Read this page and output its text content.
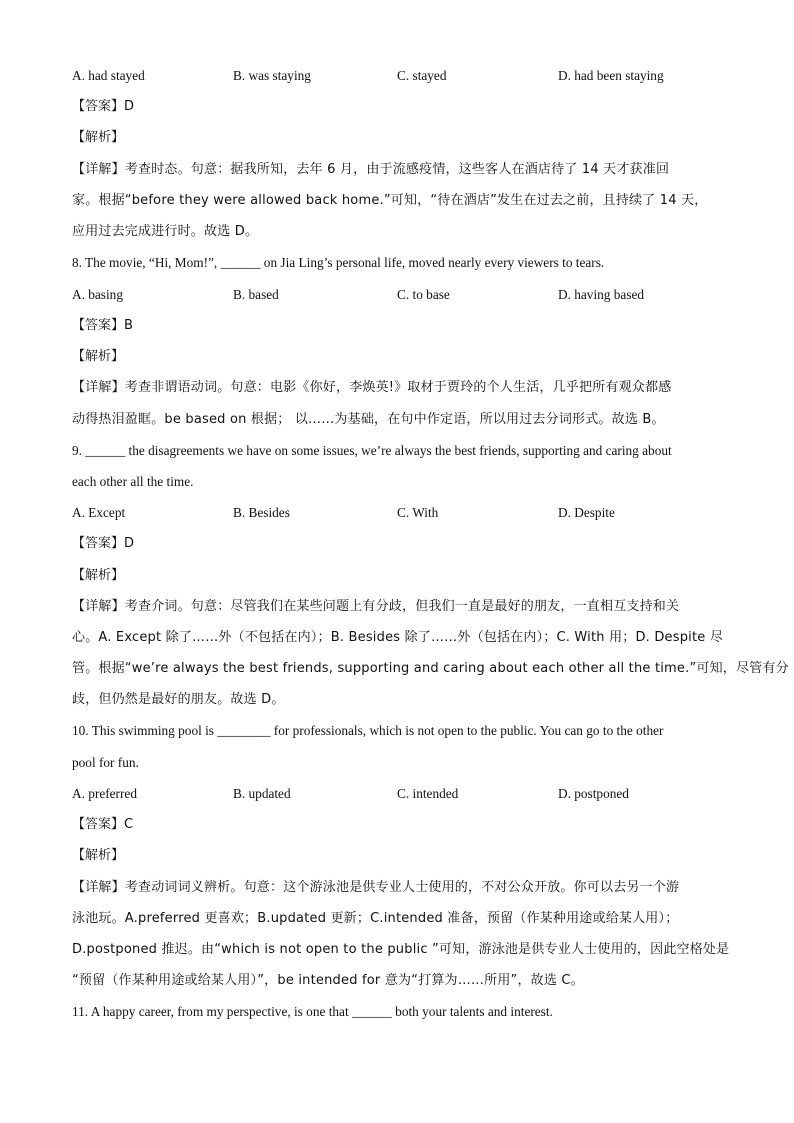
A. had stayed	B. was staying	C. stayed	D. had been staying
【答案】D
【解析】
【详解】考查时态。句意：据我所知，去年 6 月，由于流感疫情，这些客人在酒店待了 14 天才获准回
家。根据“before they were allowed back home.”可知，“待在酒店”发生在过去之前，且持续了 14 天，
应用过去完成进行时。故选 D。
8. The movie, “Hi, Mom!”, ______ on Jia Ling’s personal life, moved nearly every viewers to tears.
A. basing	B. based	C. to base	D. having based
【答案】B
【解析】
【详解】考查非谓语动词。句意：电影《你好，李焕英!》取材于贾玲的个人生活，几乎把所有观众都感
动得热泪盈眶。be based on 根据； 以……为基础，在句中作定语，所以用过去分词形式。故选 B。
9. ______ the disagreements we have on some issues, we’re always the best friends, supporting and caring about
each other all the time.
A. Except	B. Besides	C. With	D. Despite
【答案】D
【解析】
【详解】考查介词。句意：尽管我们在某些问题上有分歧，但我们一直是最好的朋友，一直相互支持和关
心。A. Except 除了……外（不包括在内）；B. Besides 除了……外（包括在内）；C. With 用；D. Despite 尽
管。根据“we’re always the best friends, supporting and caring about each other all the time.”可知，尽管有分
歧，但仍然是最好的朋友。故选 D。
10. This swimming pool is ________ for professionals, which is not open to the public. You can go to the other
pool for fun.
A. preferred	B. updated	C. intended	D. postponed
【答案】C
【解析】
【详解】考查动词词义辨析。句意：这个游泳池是供专业人士使用的，不对公众开放。你可以去另一个游
泳池玩。A.preferred 更喜欢；B.updated 更新；C.intended 准备，预留（作某种用途或给某人用）；
D.postponed 推迟。由“which is not open to the public ”可知，游泳池是供专业人士使用的，因此空格处是
“预留（作某种用途或给某人用）”，be intended for 意为“打算为……所用”，故选 C。
11. A happy career, from my perspective, is one that ______ both your talents and interest.
